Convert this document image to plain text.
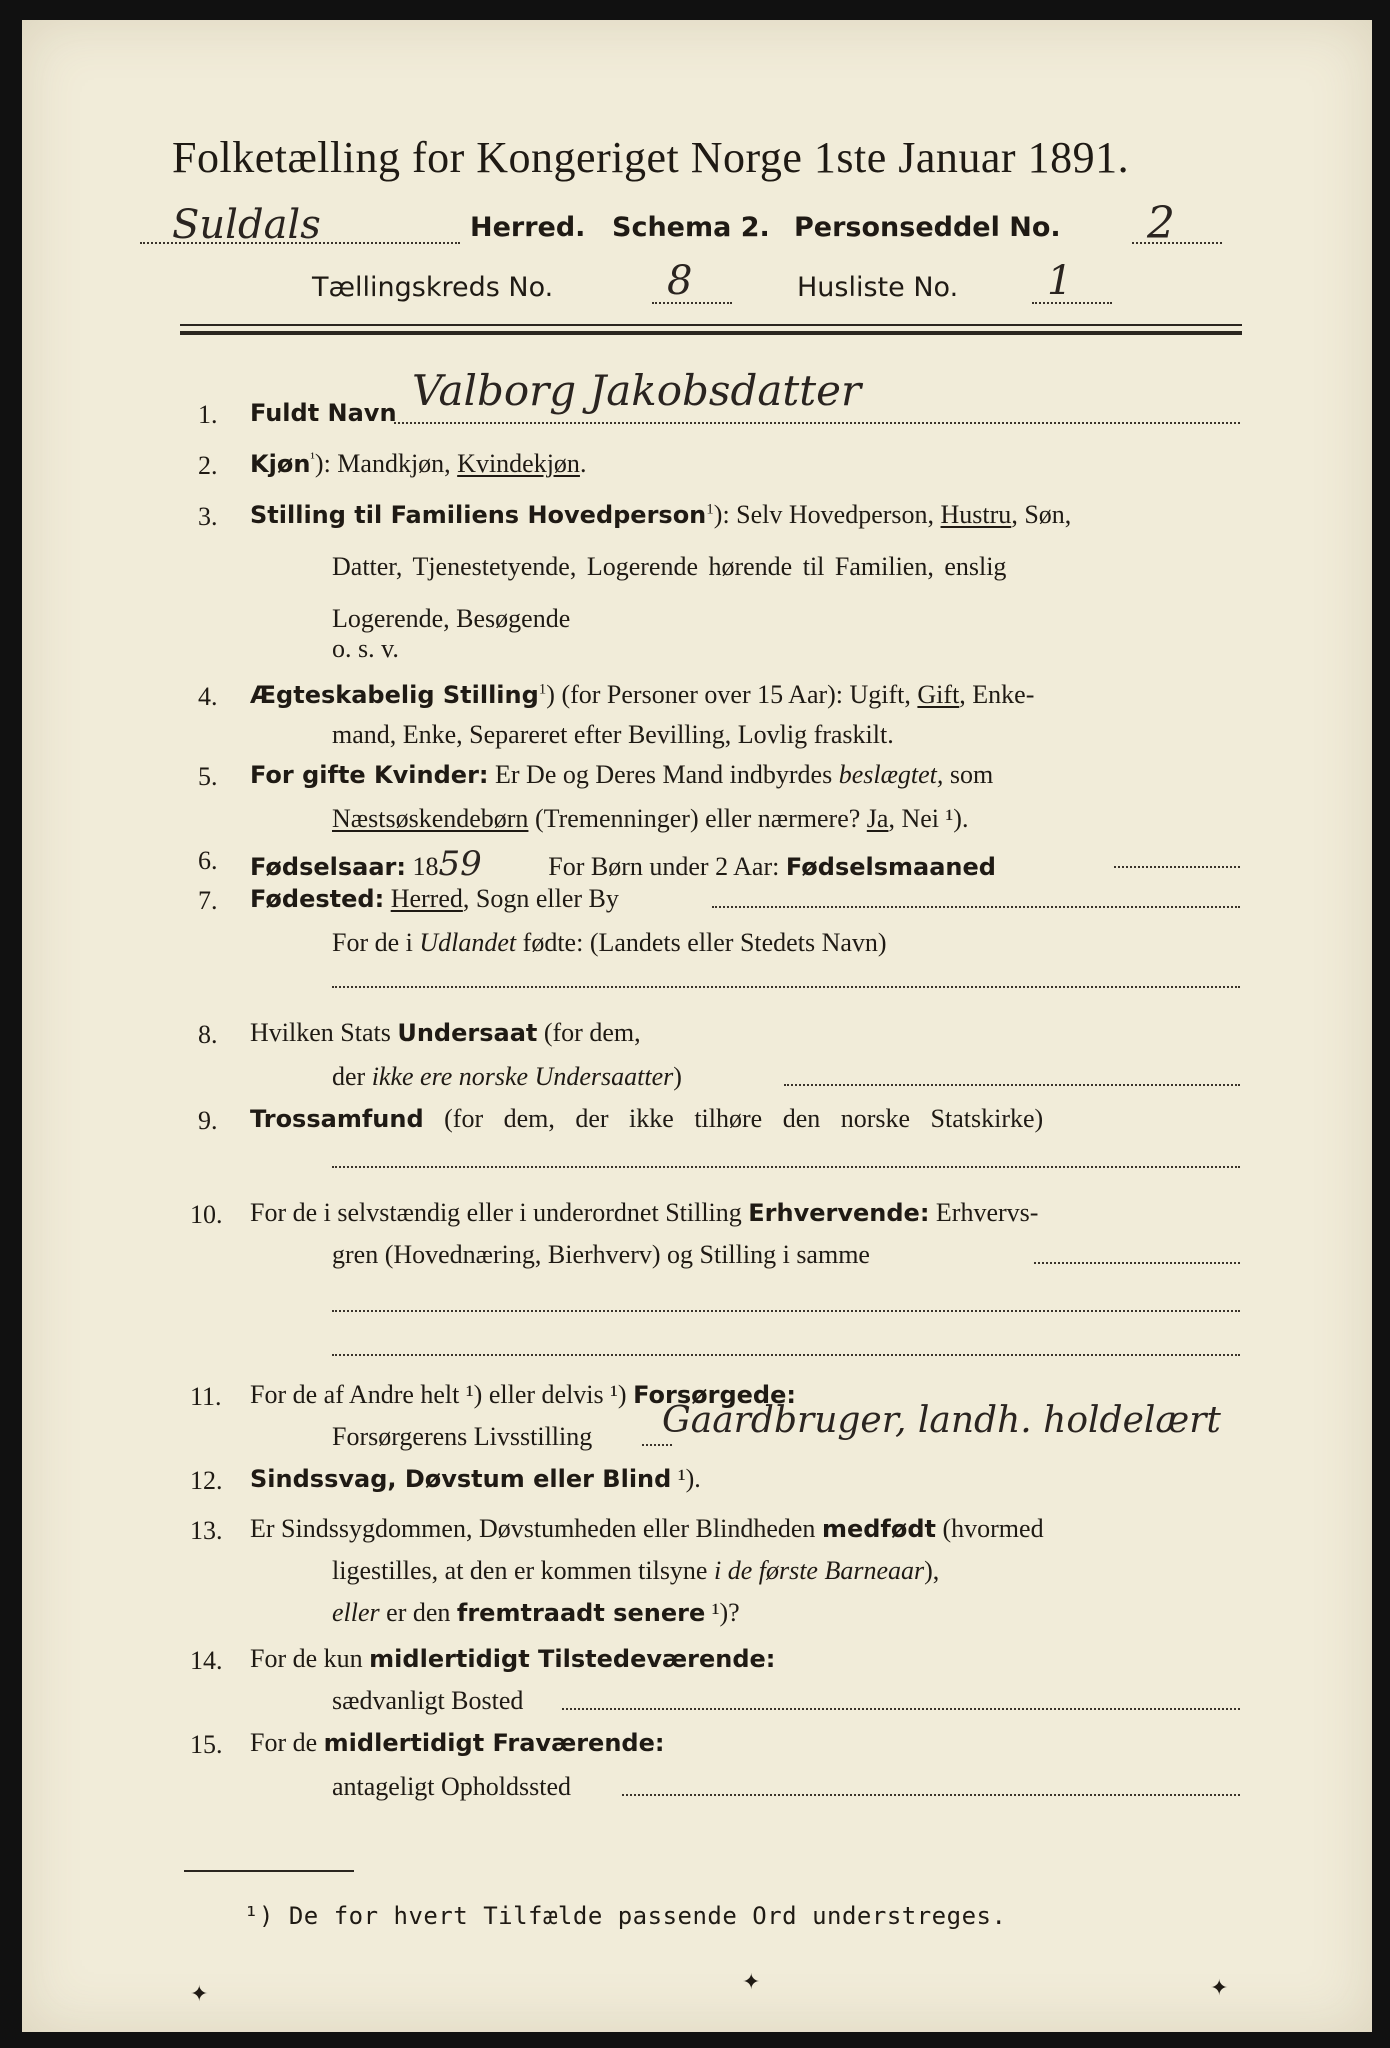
Folketælling for Kongeriget Norge 1ste Januar 1891.
Suldals	Herred. Schema 2. Personseddel No. 2
Tællingskreds No.	8	Husliste No. 1
1. Fuldt Navn Valborg Jakobsdatter
2. Kjøn$^{^1}$): Mandkjøn, Kvindekjøn.
3. Stilling til Familiens Hovedperson$^1$): Selv Hovedperson, Hustru, Søn,
Datter, Tjenestetyende, Logerende hørende til Familien, enslig
Logerende, Besøgende
o. s. v.
4. Ægteskabelig Stilling$^1$) (for Personer over 15 Aar): Ugift, Gift, Enke-
mand, Enke, Separeret efter Bevilling, Lovlig fraskilt.
5. For gifte Kvinder: Er De og Deres Mand indbyrdes beslægtet, som
Næstsøskendebørn (Tremenninger) eller nærmere? Ja, Nei ¹).
6. Fødselsaar: 1859 For Børn under 2 Aar: Fødselsmaaned
7. Fødested: Herred, Sogn eller By
For de i Udlandet fødte: (Landets eller Stedets Navn)
8. Hvilken Stats Undersaat (for dem,
der ikke ere norske Undersaatter)
9. Trossamfund (for dem, der ikke tilhøre den norske Statskirke)
10. For de i selvstændig eller i underordnet Stilling Erhvervende: Erhvervs-
gren (Hovednæring, Bierhverv) og Stilling i samme
11. For de af Andre helt ¹) eller delvis ¹) Forsørgede:
Forsørgerens Livsstilling Gaardbruger, landh. holdelært
12. Sindssvag, Døvstum eller Blind ¹).
13. Er Sindssygdommen, Døvstumheden eller Blindheden medfødt (hvormed
ligestilles, at den er kommen tilsyne i de første Barneaar),
eller er den fremtraadt senere ¹)?
14. For de kun midlertidigt Tilstedeværende:
sædvanligt Bosted
15. For de midlertidigt Fraværende:
antageligt Opholdssted
¹) De for hvert Tilfælde passende Ord understreges.
✦	✦	✦
